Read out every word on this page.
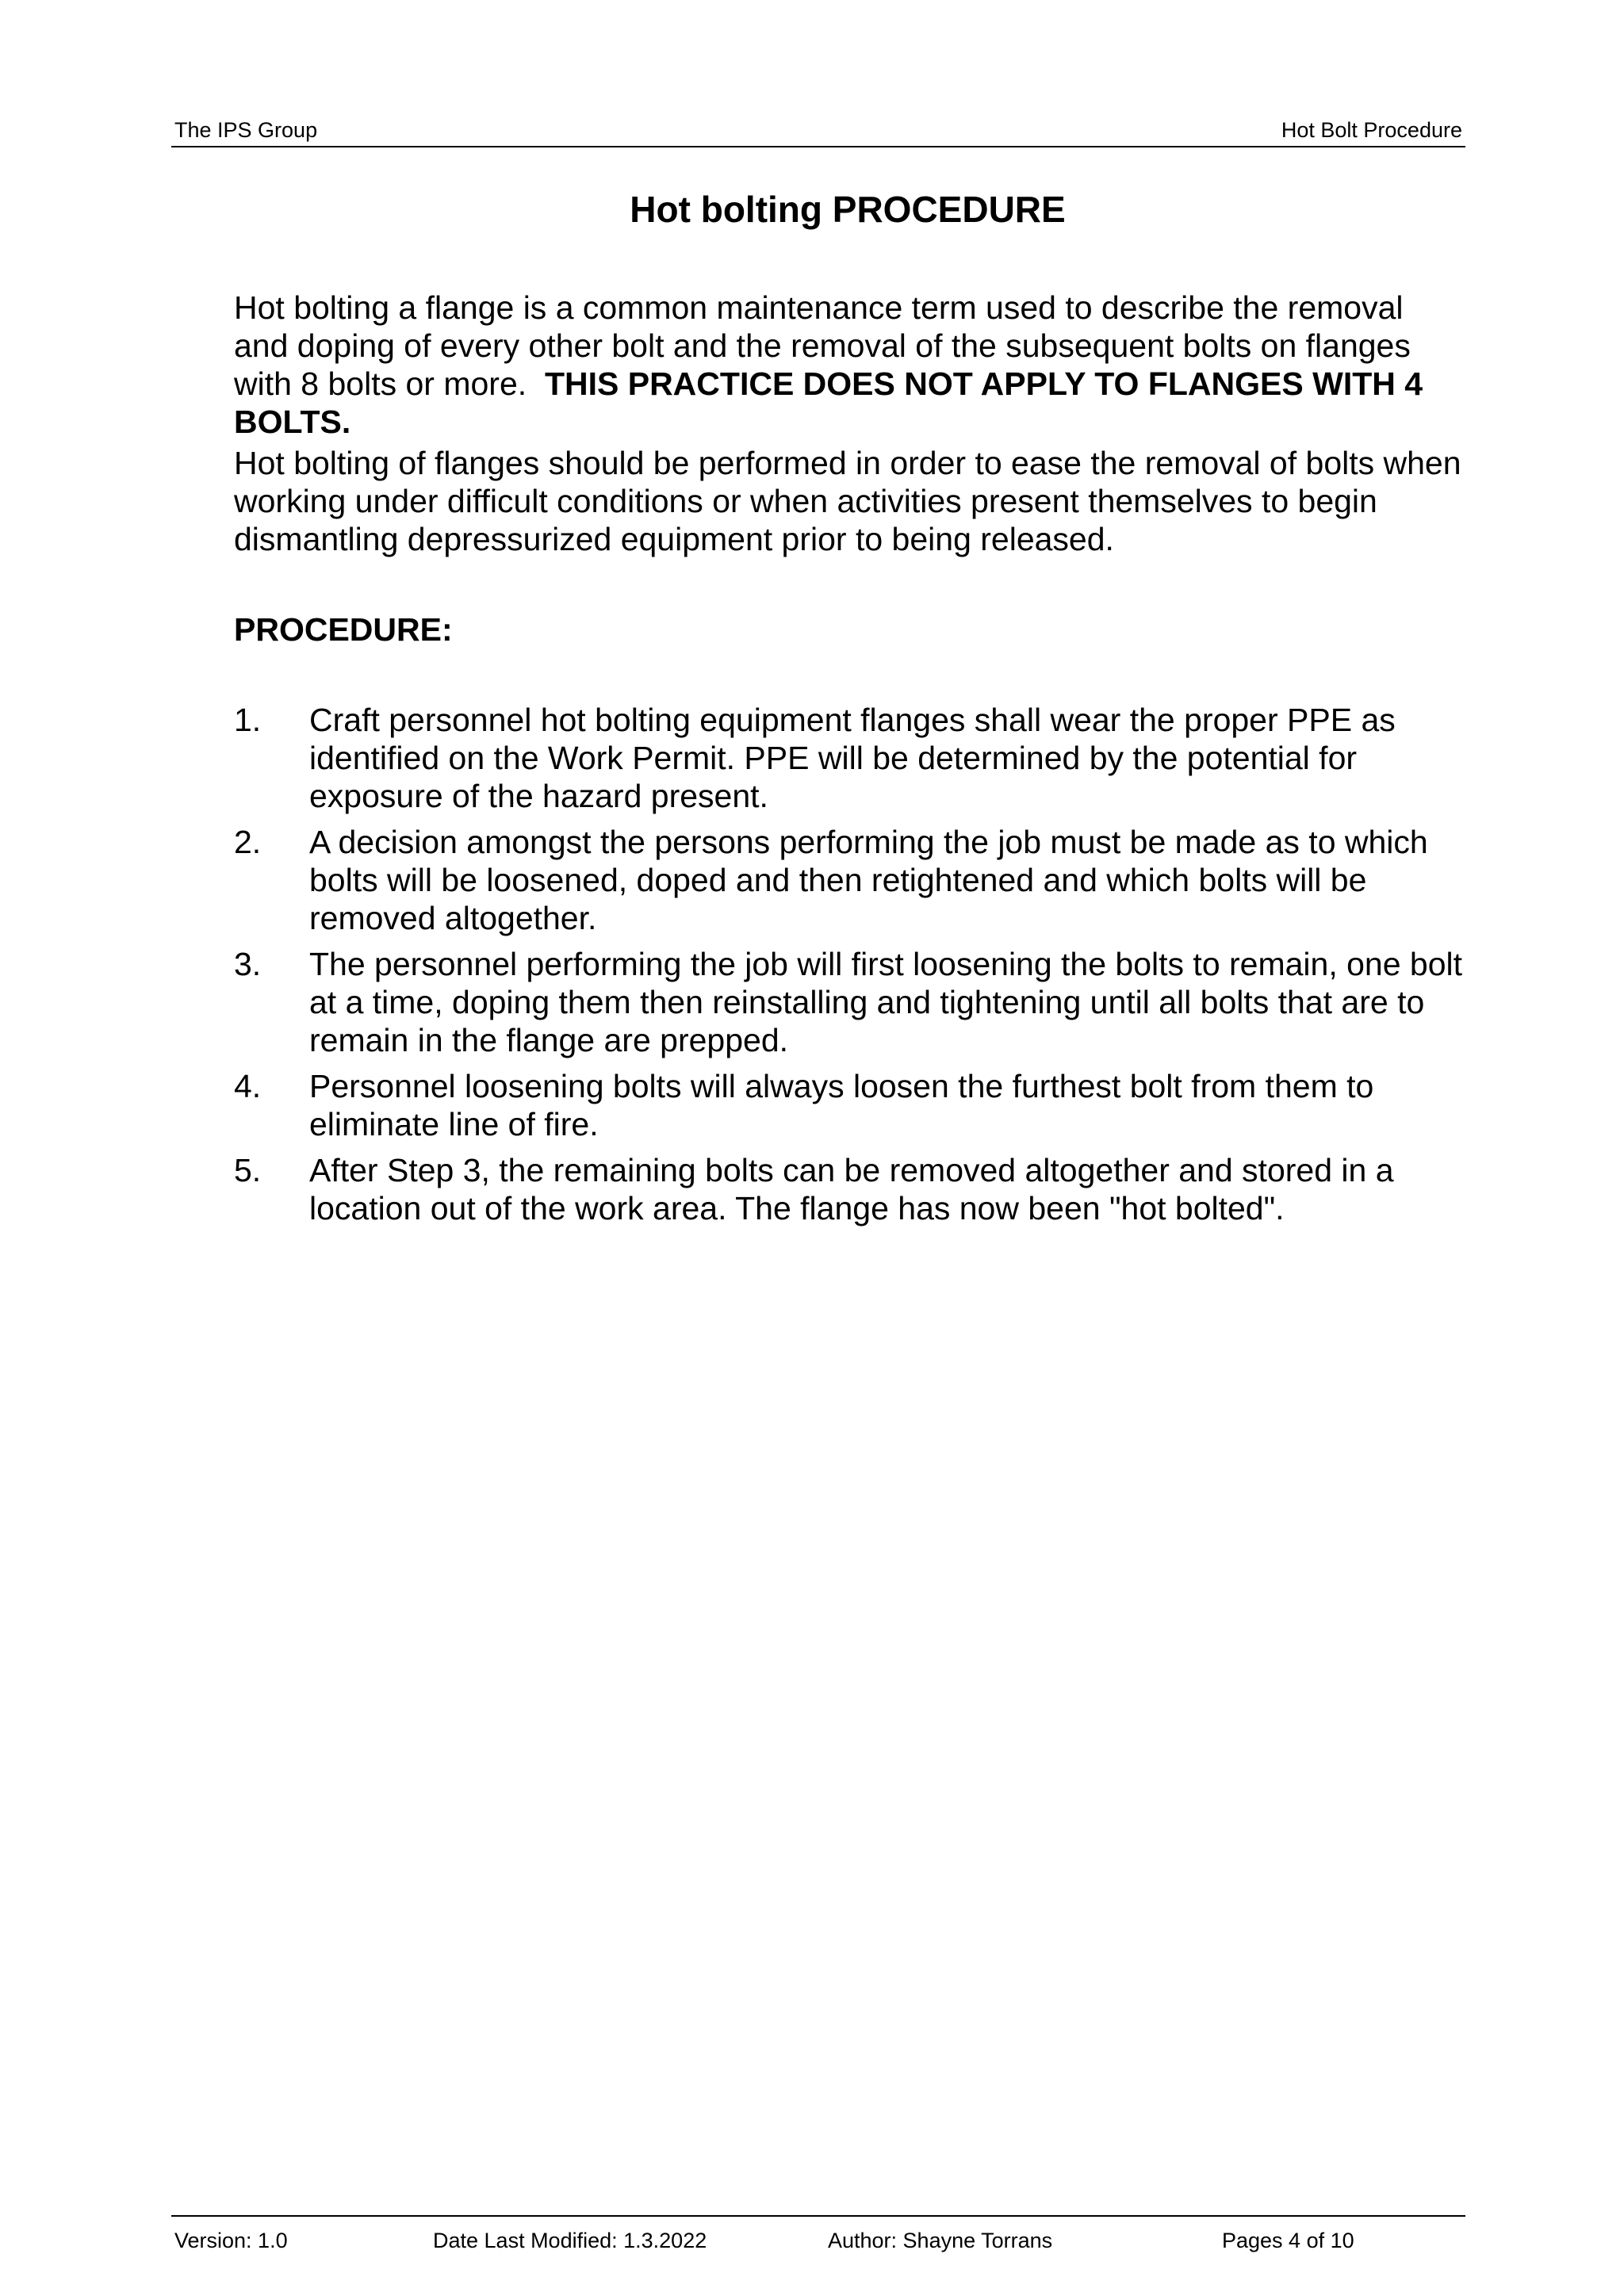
The IPS Group	Hot Bolt Procedure
Hot bolting PROCEDURE

Hot bolting a flange is a common maintenance term used to describe the removal and doping of every other bolt and the removal of the subsequent bolts on flanges with 8 bolts or more. THIS PRACTICE DOES NOT APPLY TO FLANGES WITH 4 BOLTS.

Hot bolting of flanges should be performed in order to ease the removal of bolts when working under difficult conditions or when activities present themselves to begin dismantling depressurized equipment prior to being released.

PROCEDURE:

1. Craft personnel hot bolting equipment flanges shall wear the proper PPE as identified on the Work Permit. PPE will be determined by the potential for exposure of the hazard present.
2. A decision amongst the persons performing the job must be made as to which bolts will be loosened, doped and then retightened and which bolts will be removed altogether.
3. The personnel performing the job will first loosening the bolts to remain, one bolt at a time, doping them then reinstalling and tightening until all bolts that are to remain in the flange are prepped.
4. Personnel loosening bolts will always loosen the furthest bolt from them to eliminate line of fire.
5. After Step 3, the remaining bolts can be removed altogether and stored in a location out of the work area. The flange has now been "hot bolted".
Version: 1.0	Date Last Modified: 1.3.2022	Author: Shayne Torrans	Pages 4 of 10
